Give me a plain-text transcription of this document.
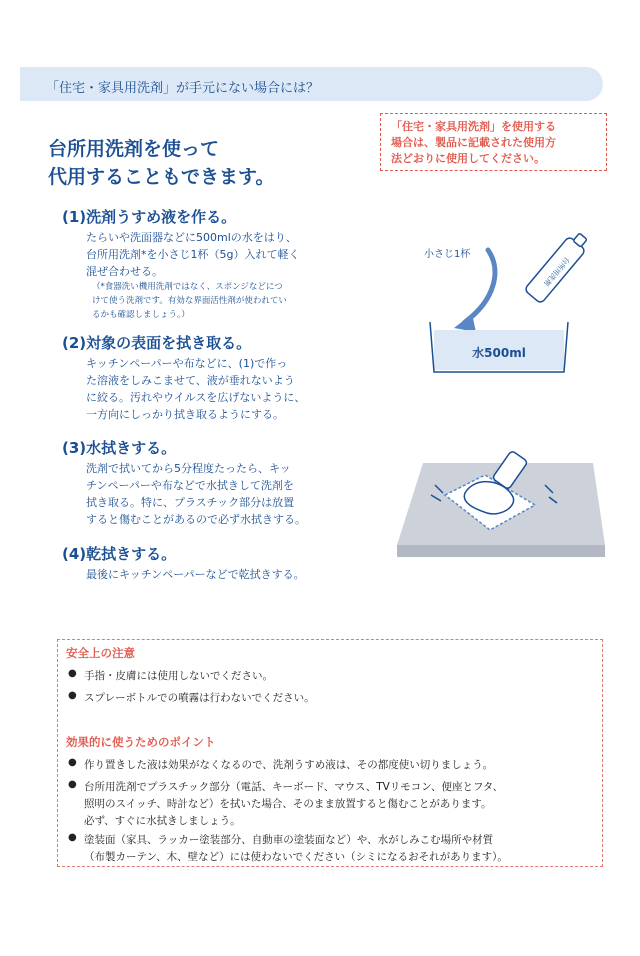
「住宅・家具用洗剤」が手元にない場合には？
台所用洗剤を使って
代用することもできます。
「住宅・家具用洗剤」を使用する
場合は、製品に記載された使用方
法どおりに使用してください。
(1)洗剤うすめ液を作る。
たらいや洗面器などに500mlの水をはり、
台所用洗剤*を小さじ1杯（5g）入れて軽く
混ぜ合わせる。
（*食器洗い機用洗剤ではなく、スポンジなどにつ
けて使う洗剤です。有効な界面活性剤が使われてい
るかも確認しましょう。）
(2)対象の表面を拭き取る。
キッチンペーパーや布などに、(1)で作っ
た溶液をしみこませて、液が垂れないよう
に絞る。汚れやウイルスを広げないように、
一方向にしっかり拭き取るようにする。
(3)水拭きする。
洗剤で拭いてから5分程度たったら、キッ
チンペーパーや布などで水拭きして洗剤を
拭き取る。特に、プラスチック部分は放置
すると傷むことがあるので必ず水拭きする。
(4)乾拭きする。
最後にキッチンペーパーなどで乾拭きする。
台所用洗剤
水500ml
小さじ1杯
安全上の注意
● 手指・皮膚には使用しないでください。
● スプレーボトルでの噴霧は行わないでください。
効果的に使うためのポイント
● 作り置きした液は効果がなくなるので、洗剤うすめ液は、その都度使い切りましょう。
● 台所用洗剤でプラスチック部分（電話、キーボード、マウス、TVリモコン、便座とフタ、
照明のスイッチ、時計など）を拭いた場合、そのまま放置すると傷むことがあります。
必ず、すぐに水拭きしましょう。
● 塗装面（家具、ラッカー塗装部分、自動車の塗装面など）や、水がしみこむ場所や材質
（布製カーテン、木、壁など）には使わないでください（シミになるおそれがあります）。
